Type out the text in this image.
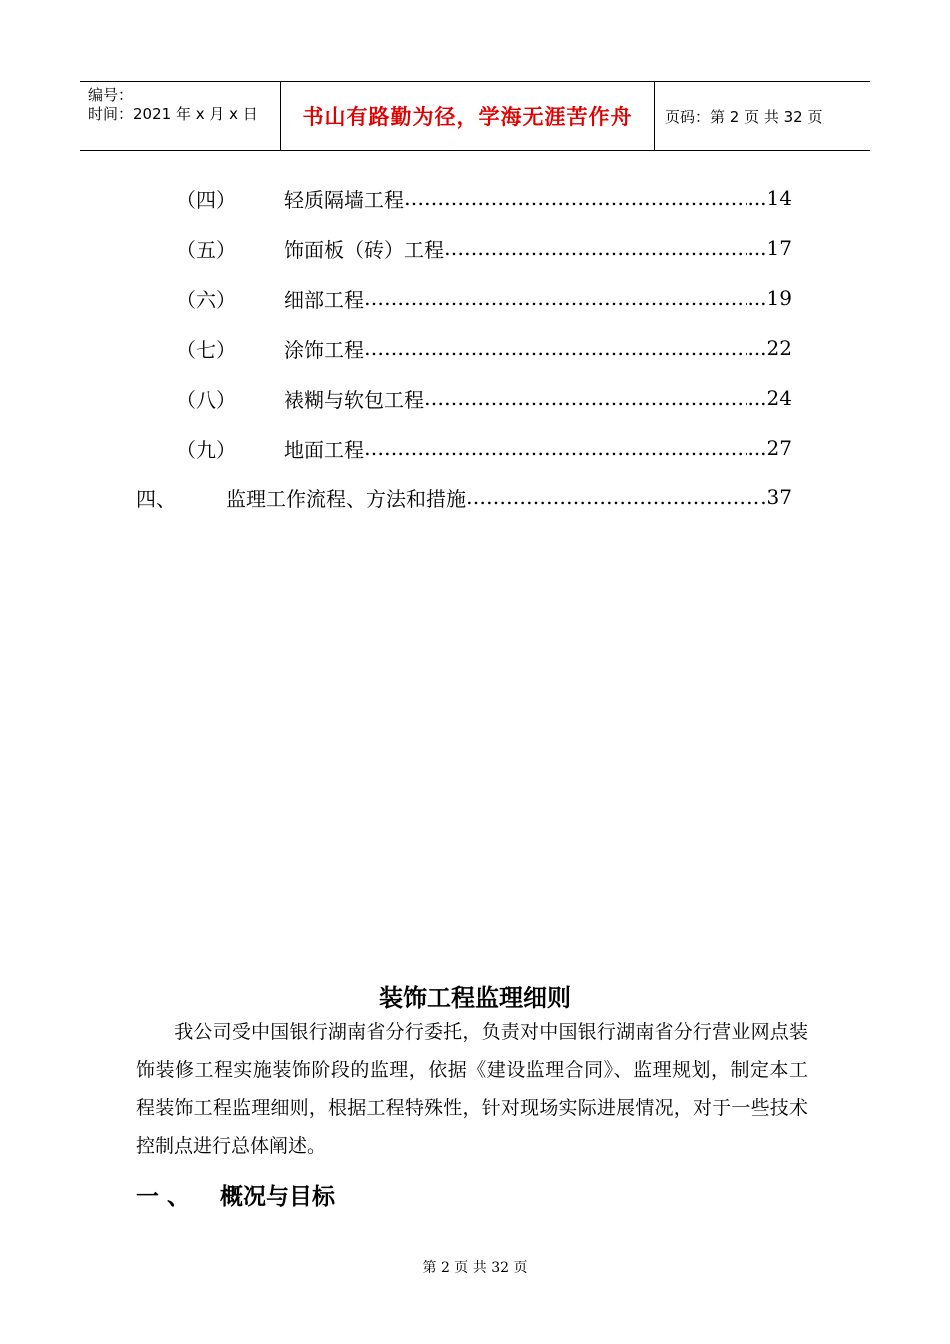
编号：
时间：2021 年 x 月 x 日	书山有路勤为径，学海无涯苦作舟	页码：第 2 页 共 32 页
（四）	轻质隔墙工程 ……………………………………………………………………………………	...14
（五）	饰面板（砖）工程 ……………………………………………………………………………………	...17
（六）	细部工程 ……………………………………………………………………………………	...19
（七）	涂饰工程 ……………………………………………………………………………………	...22
（八）	裱糊与软包工程 ……………………………………………………………………………………	...24
（九）	地面工程 ……………………………………………………………………………………	...27
四、	监理工作流程、方法和措施 ……………………………………………………………………………………	.37
装饰工程监理细则
我公司受中国银行湖南省分行委托，负责对中国银行湖南省分行营业网点装饰装修工程实施装饰阶段的监理，依据《建设监理合同》、监理规划，制定本工程装饰工程监理细则，根据工程特殊性，针对现场实际进展情况，对于一些技术控制点进行总体阐述。
一 、	概况与目标
第 2 页 共 32 页
